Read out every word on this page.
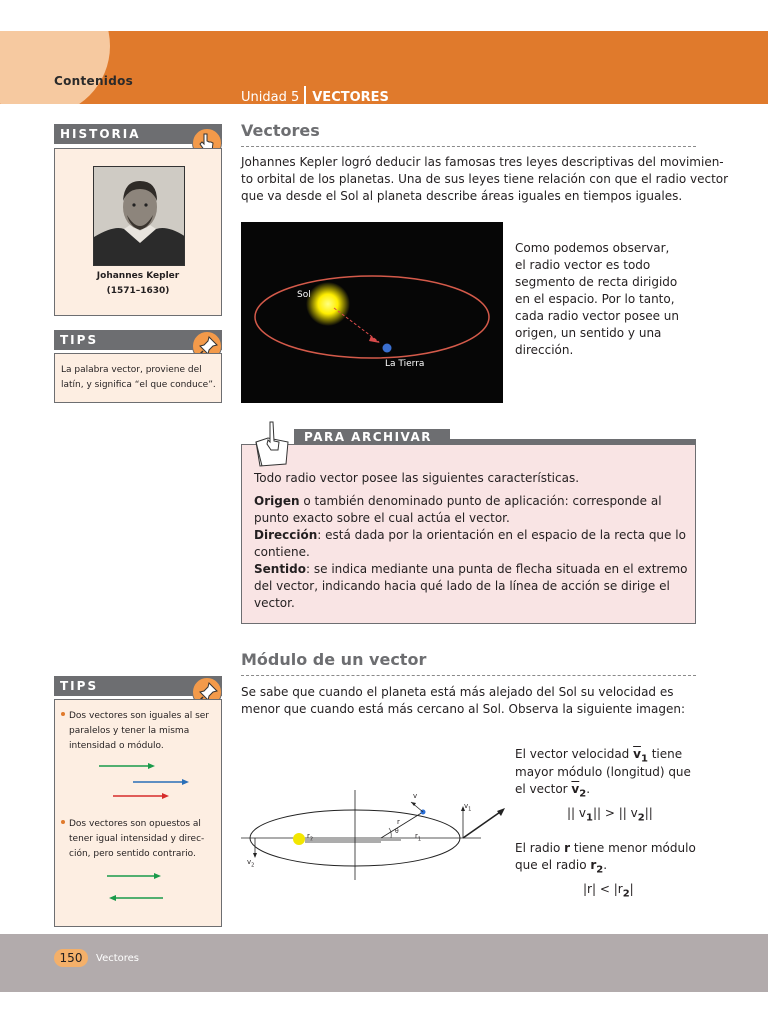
Contenidos
Unidad 5 VECTORES
HISTORIA
Johannes Kepler
(1571–1630)
TIPS
La palabra vector, proviene del
latín, y significa “el que conduce”.
Vectores
Johannes Kepler logró deducir las famosas tres leyes descriptivas del movimien-
to orbital de los planetas. Una de sus leyes tiene relación con que el radio vector
que va desde el Sol al planeta describe áreas iguales en tiempos iguales.
Sol
La Tierra
Como podemos observar,
el radio vector es todo
segmento de recta dirigido
en el espacio. Por lo tanto,
cada radio vector posee un
origen, un sentido y una
dirección.
Todo radio vector posee las siguientes características.
Origen o también denominado punto de aplicación: corresponde al
punto exacto sobre el cual actúa el vector.
Dirección: está dada por la orientación en el espacio de la recta que lo
contiene.
Sentido: se indica mediante una punta de flecha situada en el extremo
del vector, indicando hacia qué lado de la línea de acción se dirige el
vector.
PARA ARCHIVAR
Módulo de un vector
Se sabe que cuando el planeta está más alejado del Sol su velocidad es
menor que cuando está más cercano al Sol. Observa la siguiente imagen:
v
$v_1$
$v_2$
r
$r_1$
$r_2$
θ
El vector velocidad $\overline{v}_1$ tiene
mayor módulo (longitud) que
el vector $\overline{v}_2$.
|| $v_1||$ > || $v_2||$
El radio r tiene menor módulo
que el radio $r_2$.
$|r| < |r_2|$
TIPS
Dos vectores son iguales al ser
paralelos y tener la misma
intensidad o módulo.
Dos vectores son opuestos al
tener igual intensidad y direc-
ción, pero sentido contrario.
150	Vectores
